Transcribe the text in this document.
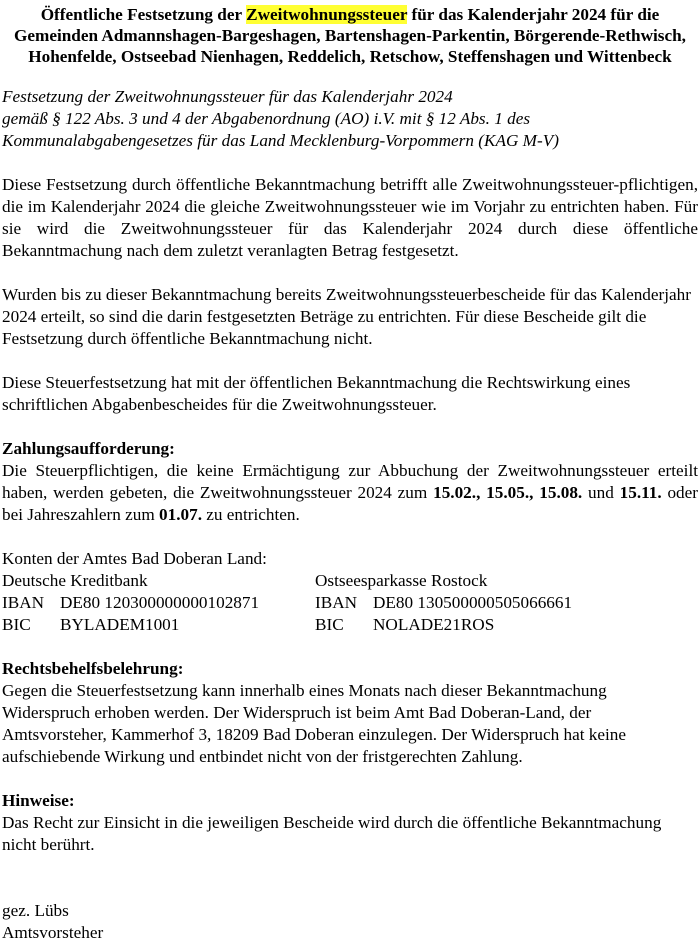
Öffentliche Festsetzung der Zweitwohnungssteuer für das Kalenderjahr 2024 für die Gemeinden Admannshagen-Bargeshagen, Bartenshagen-Parkentin, Börgerende-Rethwisch, Hohenfelde, Ostseebad Nienhagen, Reddelich, Retschow, Steffenshagen und Wittenbeck
Festsetzung der Zweitwohnungssteuer für das Kalenderjahr 2024
gemäß § 122 Abs. 3 und 4 der Abgabenordnung (AO) i.V. mit § 12 Abs. 1 des
Kommunalabgabengesetzes für das Land Mecklenburg-Vorpommern (KAG M-V)

Diese Festsetzung durch öffentliche Bekanntmachung betrifft alle Zweitwohnungssteuer-pflichtigen, die im Kalenderjahr 2024 die gleiche Zweitwohnungssteuer wie im Vorjahr zu entrichten haben. Für sie wird die Zweitwohnungssteuer für das Kalenderjahr 2024 durch diese öffentliche Bekanntmachung nach dem zuletzt veranlagten Betrag festgesetzt.

Wurden bis zu dieser Bekanntmachung bereits Zweitwohnungssteuerbescheide für das Kalenderjahr 2024 erteilt, so sind die darin festgesetzten Beträge zu entrichten. Für diese Bescheide gilt die Festsetzung durch öffentliche Bekanntmachung nicht.

Diese Steuerfestsetzung hat mit der öffentlichen Bekanntmachung die Rechtswirkung eines schriftlichen Abgabenbescheides für die Zweitwohnungssteuer.

Zahlungsaufforderung:

Die Steuerpflichtigen, die keine Ermächtigung zur Abbuchung der Zweitwohnungssteuer erteilt haben, werden gebeten, die Zweitwohnungssteuer 2024 zum 15.02., 15.05., 15.08. und 15.11. oder bei Jahreszahlern zum 01.07. zu entrichten.

Konten der Amtes Bad Doberan Land:
Deutsche Kreditbank	Ostseesparkasse Rostock
IBAN DE80 120300000000102871	IBAN DE80 130500000505066661
BIC BYLADEM1001	BIC NOLADE21ROS
Rechtsbehelfsbelehrung:

Gegen die Steuerfestsetzung kann innerhalb eines Monats nach dieser Bekanntmachung Widerspruch erhoben werden. Der Widerspruch ist beim Amt Bad Doberan-Land, der Amtsvorsteher, Kammerhof 3, 18209 Bad Doberan einzulegen. Der Widerspruch hat keine aufschiebende Wirkung und entbindet nicht von der fristgerechten Zahlung.

Hinweise:

Das Recht zur Einsicht in die jeweiligen Bescheide wird durch die öffentliche Bekanntmachung nicht berührt.

gez. Lübs
Amtsvorsteher
